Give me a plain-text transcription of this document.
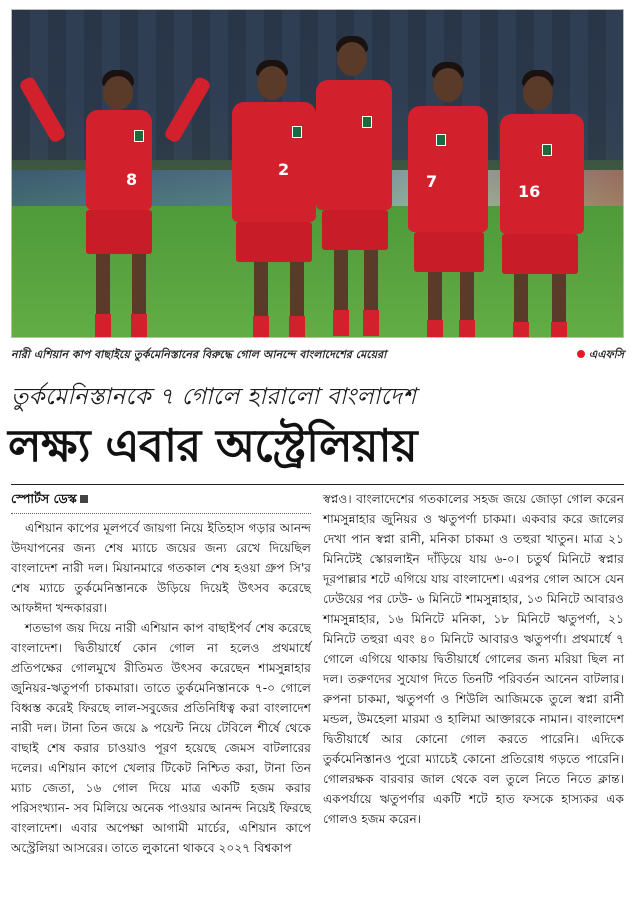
8
2
7
16
নারী এশিয়ান কাপ বাছাইয়ে তুর্কমেনিস্তানের বিরুদ্ধে গোল আনন্দে বাংলাদেশের মেয়েরা	এএফসি
তুর্কমেনিস্তানকে ৭ গোলে হারালো বাংলাদেশ
লক্ষ্য এবার অস্ট্রেলিয়ায়
স্পোর্টস ডেস্ক

এশিয়ান কাপের মূলপর্বে জায়গা নিয়ে ইতিহাস গড়ার আনন্দ উদযাপনের জন্য শেষ ম্যাচে জয়ের জন্য রেখে দিয়েছিল বাংলাদেশ নারী দল। মিয়ানমারে গতকাল শেষ হওয়া গ্রুপ সি'র শেষ ম্যাচে তুর্কমেনিস্তানকে উড়িয়ে দিয়েই উৎসব করেছে আফঈদা খন্দকাররা।

শতভাগ জয় দিয়ে নারী এশিয়ান কাপ বাছাইপর্ব শেষ করেছে বাংলাদেশ। দ্বিতীয়ার্ধে কোন গোল না হলেও প্রথমার্ধে প্রতিপক্ষের গোলমুখে রীতিমত উৎসব করেছেন শামসুন্নাহার জুনিয়র-ঋতুপর্ণা চাকমারা। তাতে তুর্কমেনিস্তানকে ৭-০ গোলে বিধ্বস্ত করেই ফিরছে লাল-সবুজের প্রতিনিধিত্ব করা বাংলাদেশ নারী দল। টানা তিন জয়ে ৯ পয়েন্ট নিয়ে টেবিলে শীর্ষে থেকে বাছাই শেষ করার চাওয়াও পূরণ হয়েছে জেমস বাটলারের দলের। এশিয়ান কাপে খেলার টিকেট নিশ্চিত করা, টানা তিন ম্যাচ জেতা, ১৬ গোল দিয়ে মাত্র একটি হজম করার পরিসংখ্যান- সব মিলিয়ে অনেক পাওয়ার আনন্দ নিয়েই ফিরছে বাংলাদেশ। এবার অপেক্ষা আগামী মার্চের, এশিয়ান কাপে অস্ট্রেলিয়া আসরের। তাতে লুকানো থাকবে ২০২৭ বিশ্বকাপ

স্বপ্নও। বাংলাদেশের গতকালের সহজ জয়ে জোড়া গোল করেন শামসুন্নাহার জুনিয়র ও ঋতুপর্ণা চাকমা। একবার করে জালের দেখা পান স্বপ্না রানী, মনিকা চাকমা ও তহুরা খাতুন। মাত্র ২১ মিনিটেই স্কোরলাইন দাঁড়িয়ে যায় ৬-০। চতুর্থ মিনিটে স্বপ্নার দূরপাল্লার শটে এগিয়ে যায় বাংলাদেশ। এরপর গোল আসে যেন ঢেউয়ের পর ঢেউ- ৬ মিনিটে শামসুন্নাহার, ১৩ মিনিটে আবারও শামসুন্নাহার, ১৬ মিনিটে মনিকা, ১৮ মিনিটে ঋতুপর্ণা, ২১ মিনিটে তহুরা এবং ৪০ মিনিটে আবারও ঋতুপর্ণা। প্রথমার্ধে ৭ গোলে এগিয়ে থাকায় দ্বিতীয়ার্ধে গোলের জন্য মরিয়া ছিল না দল। তরুণদের সুযোগ দিতে তিনটি পরিবর্তন আনেন বাটলার। রুপনা চাকমা, ঋতুপর্ণা ও শিউলি আজিমকে তুলে স্বপ্না রানী মন্ডল, উমহেলা মারমা ও হালিমা আক্তারকে নামান। বাংলাদেশ দ্বিতীয়ার্ধে আর কোনো গোল করতে পারেনি। এদিকে তুর্কমেনিস্তানও পুরো ম্যাচেই কোনো প্রতিরোধ গড়তে পারেনি। গোলরক্ষক বারবার জাল থেকে বল তুলে নিতে নিতে ক্লান্ত। একপর্যায়ে ঋতুপর্ণার একটি শটে হাত ফসকে হাস্যকর এক গোলও হজম করেন।
